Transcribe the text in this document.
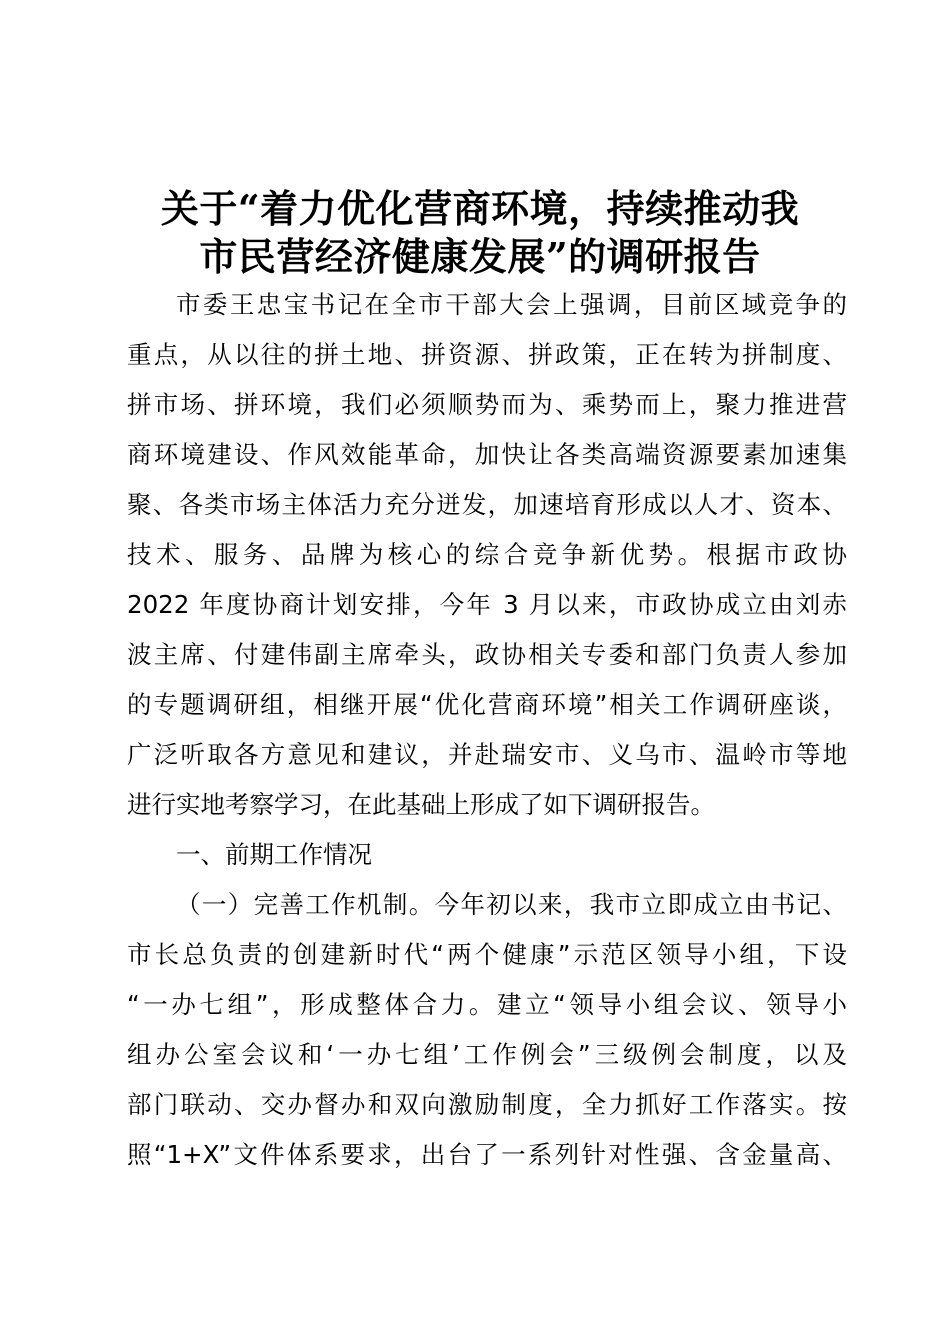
关于“着力优化营商环境，持续推动我
市民营经济健康发展”的调研报告
市委王忠宝书记在全市干部大会上强调，目前区域竞争的
重点，从以往的拼土地、拼资源、拼政策，正在转为拼制度、
拼市场、拼环境，我们必须顺势而为、乘势而上，聚力推进营
商环境建设、作风效能革命，加快让各类高端资源要素加速集
聚、各类市场主体活力充分迸发，加速培育形成以人才、资本、
技术、服务、品牌为核心的综合竞争新优势。根据市政协
2022 年度协商计划安排，今年 3 月以来，市政协成立由刘赤
波主席、付建伟副主席牵头，政协相关专委和部门负责人参加
的专题调研组，相继开展“优化营商环境”相关工作调研座谈，
广泛听取各方意见和建议，并赴瑞安市、义乌市、温岭市等地
进行实地考察学习，在此基础上形成了如下调研报告。
一、前期工作情况
（一）完善工作机制。今年初以来，我市立即成立由书记、
市长总负责的创建新时代“两个健康”示范区领导小组，下设
“一办七组”，形成整体合力。建立“领导小组会议、领导小
组办公室会议和‘一办七组’工作例会”三级例会制度，以及
部门联动、交办督办和双向激励制度，全力抓好工作落实。按
照“1+X”文件体系要求，出台了一系列针对性强、含金量高、
